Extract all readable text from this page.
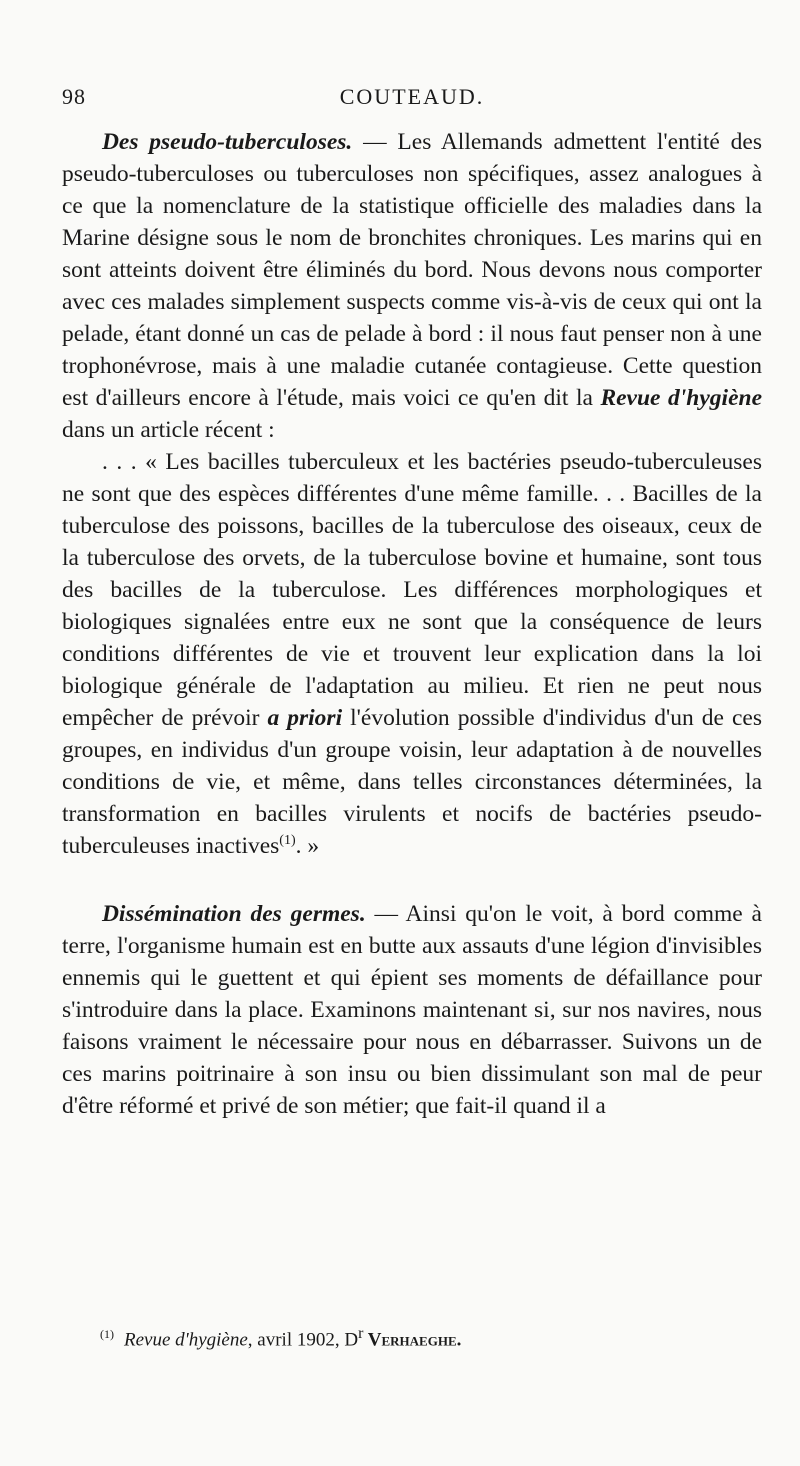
98	COUTEAUD.

Des pseudo-tuberculoses. — Les Allemands admettent l'entité des pseudo-tuberculoses ou tuberculoses non spécifiques, assez analogues à ce que la nomenclature de la statistique officielle des maladies dans la Marine désigne sous le nom de bronchites chroniques. Les marins qui en sont atteints doivent être éliminés du bord. Nous devons nous comporter avec ces malades simplement suspects comme vis-à-vis de ceux qui ont la pelade, étant donné un cas de pelade à bord : il nous faut penser non à une trophonévrose, mais à une maladie cutanée contagieuse. Cette question est d'ailleurs encore à l'étude, mais voici ce qu'en dit la Revue d'hygiène dans un article récent :

. . . « Les bacilles tuberculeux et les bactéries pseudo-tuberculeuses ne sont que des espèces différentes d'une même famille. . . Bacilles de la tuberculose des poissons, bacilles de la tuberculose des oiseaux, ceux de la tuberculose des orvets, de la tuberculose bovine et humaine, sont tous des bacilles de la tuberculose. Les différences morphologiques et biologiques signalées entre eux ne sont que la conséquence de leurs conditions différentes de vie et trouvent leur explication dans la loi biologique générale de l'adaptation au milieu. Et rien ne peut nous empêcher de prévoir a priori l'évolution possible d'individus d'un de ces groupes, en individus d'un groupe voisin, leur adaptation à de nouvelles conditions de vie, et même, dans telles circonstances déterminées, la transformation en bacilles virulents et nocifs de bactéries pseudo-tuberculeuses inactives$^{(1)}$. »

Dissémination des germes. — Ainsi qu'on le voit, à bord comme à terre, l'organisme humain est en butte aux assauts d'une légion d'invisibles ennemis qui le guettent et qui épient ses moments de défaillance pour s'introduire dans la place. Examinons maintenant si, sur nos navires, nous faisons vraiment le nécessaire pour nous en débarrasser. Suivons un de ces marins poitrinaire à son insu ou bien dissimulant son mal de peur d'être réformé et privé de son métier; que fait-il quand il a

$^{(1)}$ Revue d'hygiène, avril 1902, $D^r$ Verhaeghe.
